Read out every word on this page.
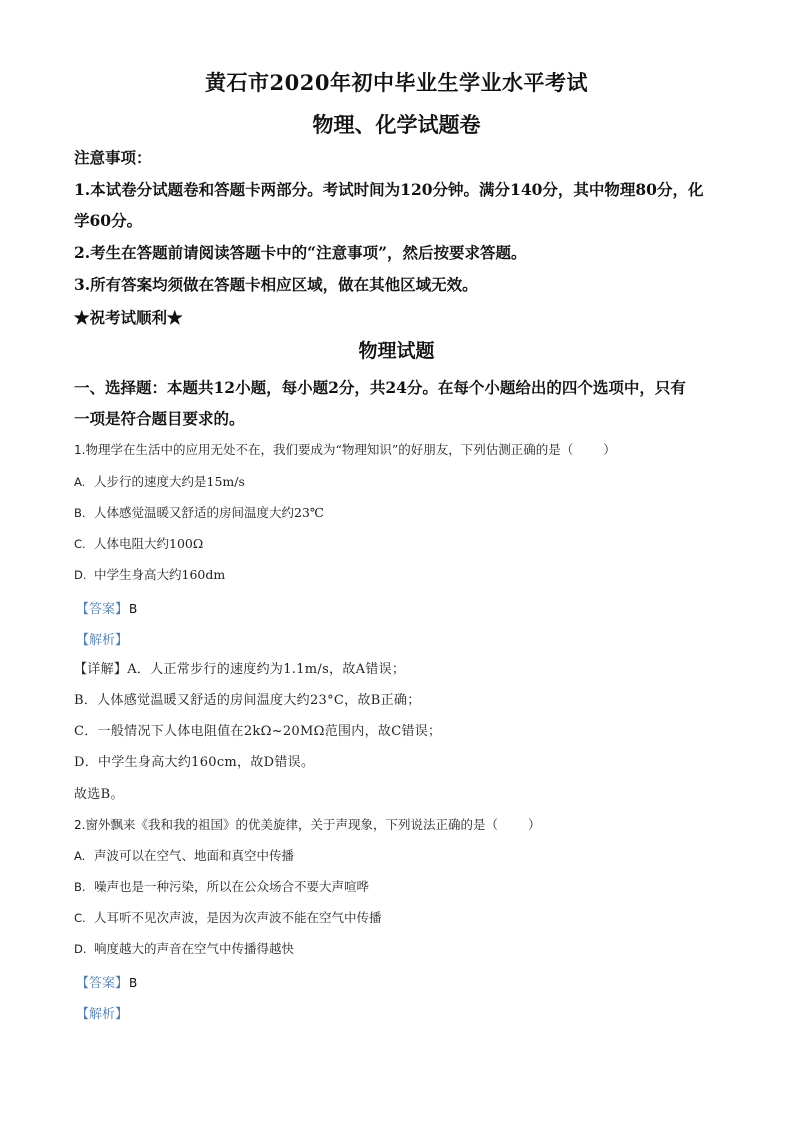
黄石市2020年初中毕业生学业水平考试
物理、化学试题卷
注意事项：
1.本试卷分试题卷和答题卡两部分。考试时间为120分钟。满分140分，其中物理80分，化
学60分。
2.考生在答题前请阅读答题卡中的“注意事项”，然后按要求答题。
3.所有答案均须做在答题卡相应区域，做在其他区域无效。
★祝考试顺利★
物理试题
一、选择题：本题共12小题，每小题2分，共24分。在每个小题给出的四个选项中，只有
一项是符合题目要求的。
1.物理学在生活中的应用无处不在，我们要成为“物理知识”的好朋友，下列估测正确的是（ ）
A. 人步行的速度大约是15m/s
B. 人体感觉温暖又舒适的房间温度大约23℃
C. 人体电阻大约100Ω
D. 中学生身高大约160dm
【答案】B
【解析】
【详解】A．人正常步行的速度约为1.1m/s，故A错误；
B．人体感觉温暖又舒适的房间温度大约23°C，故B正确；
C．一般情况下人体电阻值在2kΩ~20MΩ范围内，故C错误；
D．中学生身高大约160cm，故D错误。
故选B。
2.窗外飘来《我和我的祖国》的优美旋律，关于声现象，下列说法正确的是（ ）
A. 声波可以在空气、地面和真空中传播
B. 噪声也是一种污染，所以在公众场合不要大声喧哗
C. 人耳听不见次声波，是因为次声波不能在空气中传播
D. 响度越大的声音在空气中传播得越快
【答案】B
【解析】
